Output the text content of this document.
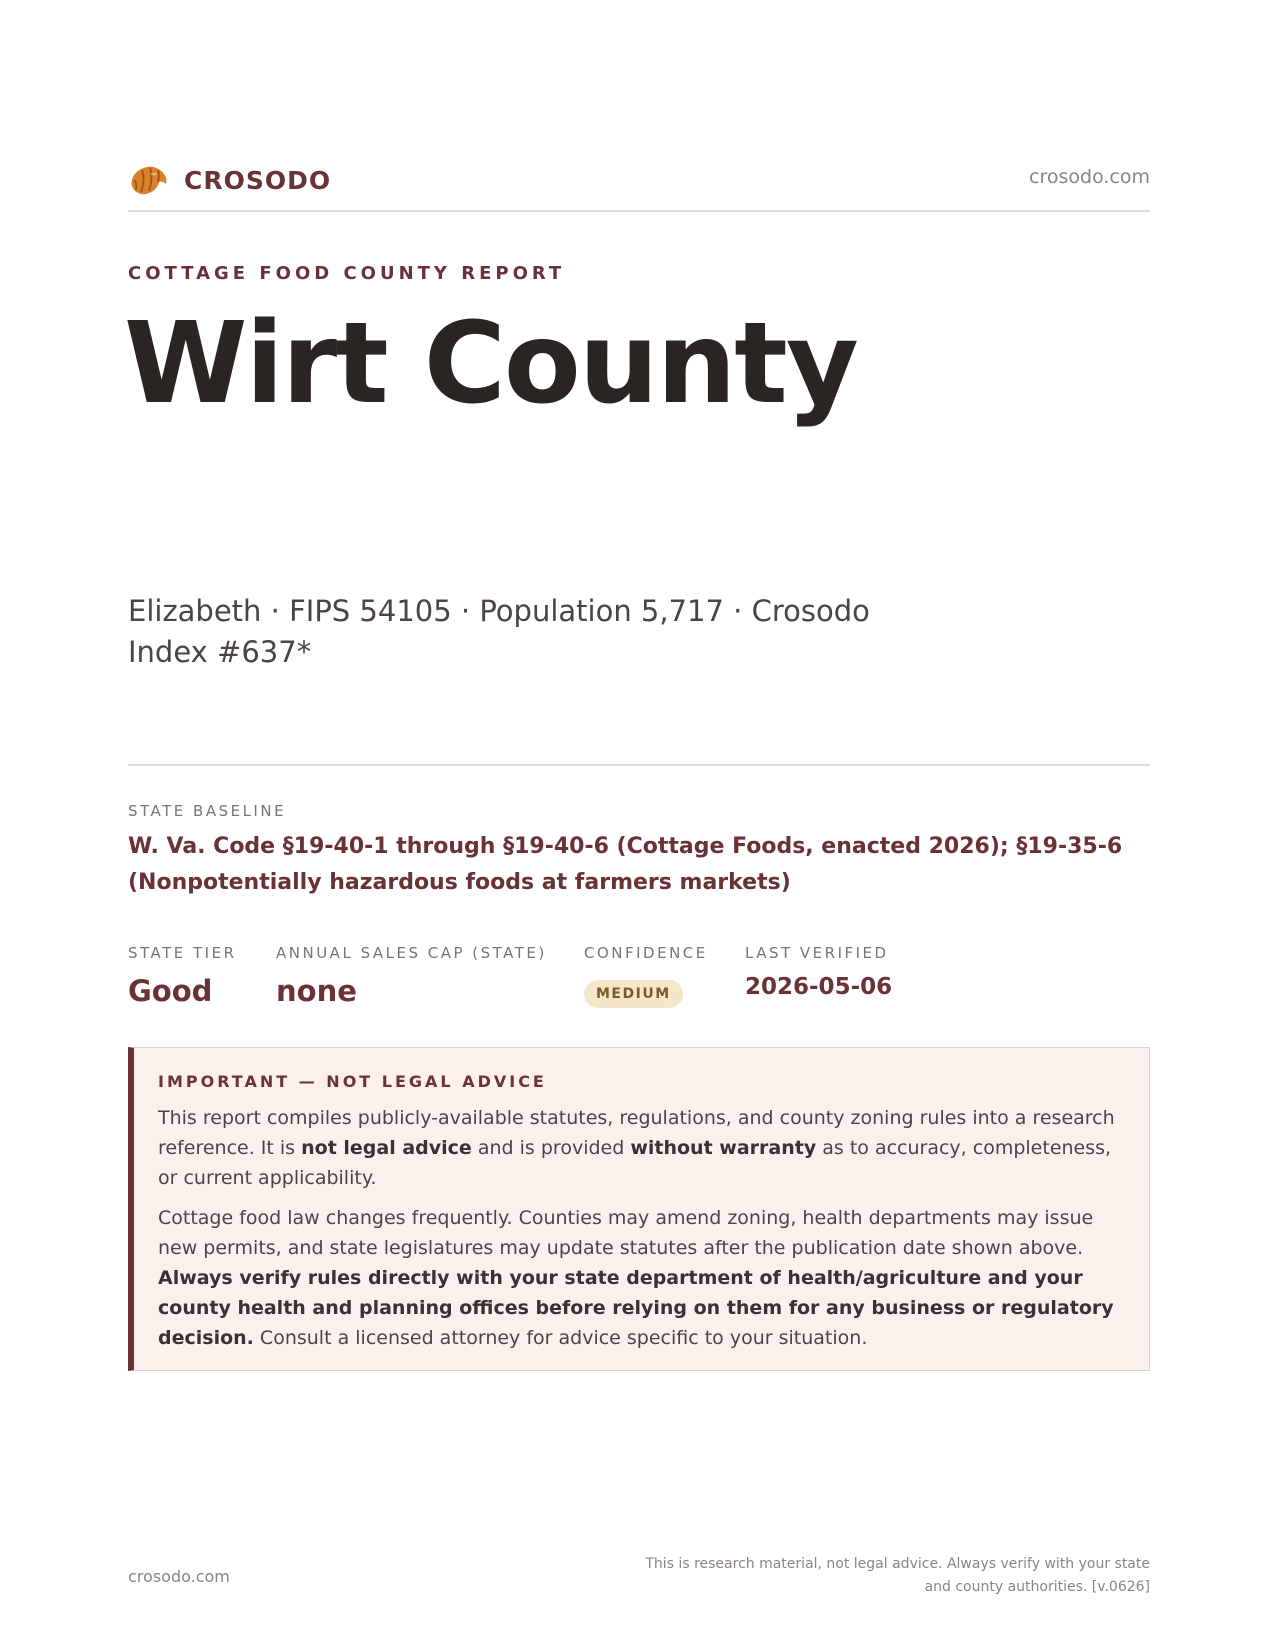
CROSODO	crosodo.com
COTTAGE FOOD COUNTY REPORT
Wirt County

Elizabeth · FIPS 54105 · Population 5,717 · Crosodo Index #637*

STATE BASELINE

W. Va. Code §19-40-1 through §19-40-6 (Cottage Foods, enacted 2026); §19-35-6 (Nonpotentially hazardous foods at farmers markets)

STATE TIER
Good
ANNUAL SALES CAP (STATE)
none
CONFIDENCE
MEDIUM
LAST VERIFIED
2026-05-06
IMPORTANT — NOT LEGAL ADVICE

This report compiles publicly-available statutes, regulations, and county zoning rules into a research reference. It is not legal advice and is provided without warranty as to accuracy, completeness, or current applicability.

Cottage food law changes frequently. Counties may amend zoning, health departments may issue new permits, and state legislatures may update statutes after the publication date shown above. Always verify rules directly with your state department of health/agriculture and your county health and planning offices before relying on them for any business or regulatory decision. Consult a licensed attorney for advice specific to your situation.

crosodo.com

This is research material, not legal advice. Always verify with your state
and county authorities. [v.0626]
